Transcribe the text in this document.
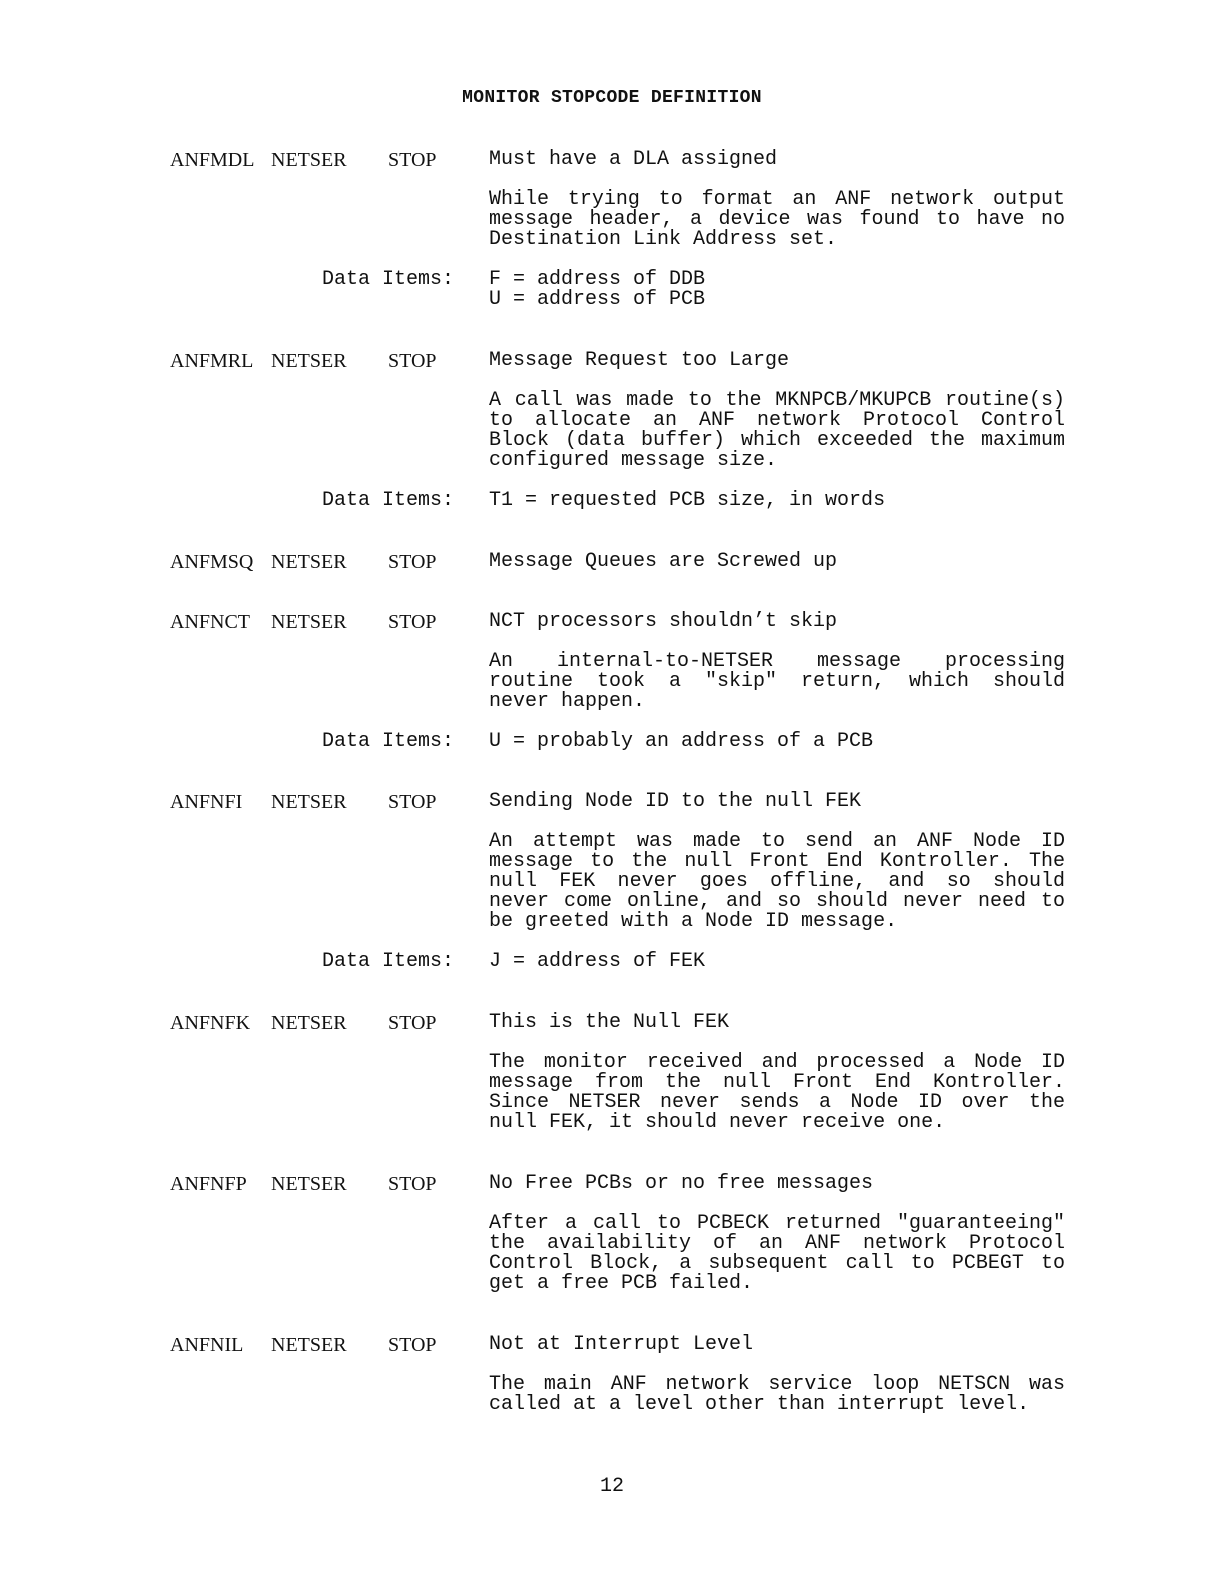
MONITOR STOPCODE DEFINITION
ANFMDL NETSER STOP	Must have a DLA assigned
While trying to format an ANF network output message header, a device was found to have no Destination Link Address set.
Data Items: F = address of DDB
U = address of PCB
ANFMRL NETSER STOP	Message Request too Large
A call was made to the MKNPCB/MKUPCB routine(s) to allocate an ANF network Protocol Control Block (data buffer) which exceeded the maximum configured message size.
Data Items: T1 = requested PCB size, in words
ANFMSQ NETSER STOP	Message Queues are Screwed up
ANFNCT NETSER STOP	NCT processors shouldn’t skip
An internal-to-NETSER message processing routine took a "skip" return, which should never happen.
Data Items: U = probably an address of a PCB
ANFNFI NETSER STOP	Sending Node ID to the null FEK
An attempt was made to send an ANF Node ID message to the null Front End Kontroller. The null FEK never goes offline, and so should never come online, and so should never need to be greeted with a Node ID message.
Data Items: J = address of FEK
ANFNFK NETSER STOP	This is the Null FEK
The monitor received and processed a Node ID message from the null Front End Kontroller. Since NETSER never sends a Node ID over the null FEK, it should never receive one.
ANFNFP NETSER STOP	No Free PCBs or no free messages
After a call to PCBECK returned "guaranteeing" the availability of an ANF network Protocol Control Block, a subsequent call to PCBEGT to get a free PCB failed.
ANFNIL NETSER STOP	Not at Interrupt Level
The main ANF network service loop NETSCN was called at a level other than interrupt level.
12
